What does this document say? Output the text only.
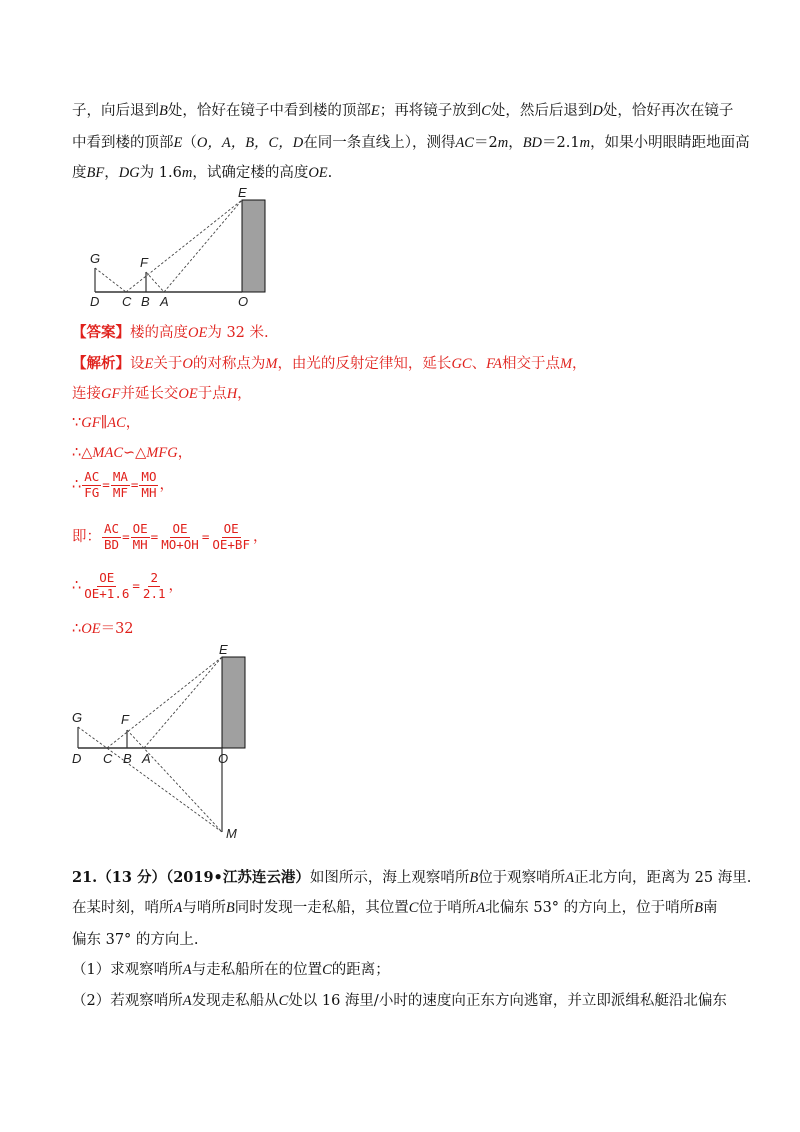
子，向后退到B处，恰好在镜子中看到楼的顶部E；再将镜子放到C处，然后后退到D处，恰好再次在镜子
中看到楼的顶部E（O，A，B，C，D在同一条直线上），测得AC＝2m，BD＝2.1m，如果小明眼睛距地面高
度BF，DG为 1.6m，试确定楼的高度OE.
E
G	F
D C B A	O
【答案】楼的高度OE为 32 米.
【解析】设E关于O的对称点为M，由光的反射定律知，延长GC、FA相交于点M，
连接GF并延长交OE于点H，
∵GF∥AC，
∴△MAC∽△MFG，
∴ $\frac{AC}{FG} = \frac{MA}{MF} = \frac{MO}{MH}$ ，
即： $\frac{AC}{BD} = \frac{OE}{MH} = \frac{OE}{MO+OH} = \frac{OE}{OE+BF}$ ，
∴ $\frac{OE}{OE+1.6} = \frac{2}{2.1}$ ，
∴OE＝32
E
G	F
D C B A	O
M
21.（13 分）（2019•江苏连云港）如图所示，海上观察哨所B位于观察哨所A正北方向，距离为 25 海里.
在某时刻，哨所A与哨所B同时发现一走私船，其位置C位于哨所A北偏东 53° 的方向上，位于哨所B南
偏东 37° 的方向上.
（1）求观察哨所A与走私船所在的位置C的距离；
（2）若观察哨所A发现走私船从C处以 16 海里/小时的速度向正东方向逃窜，并立即派缉私艇沿北偏东
